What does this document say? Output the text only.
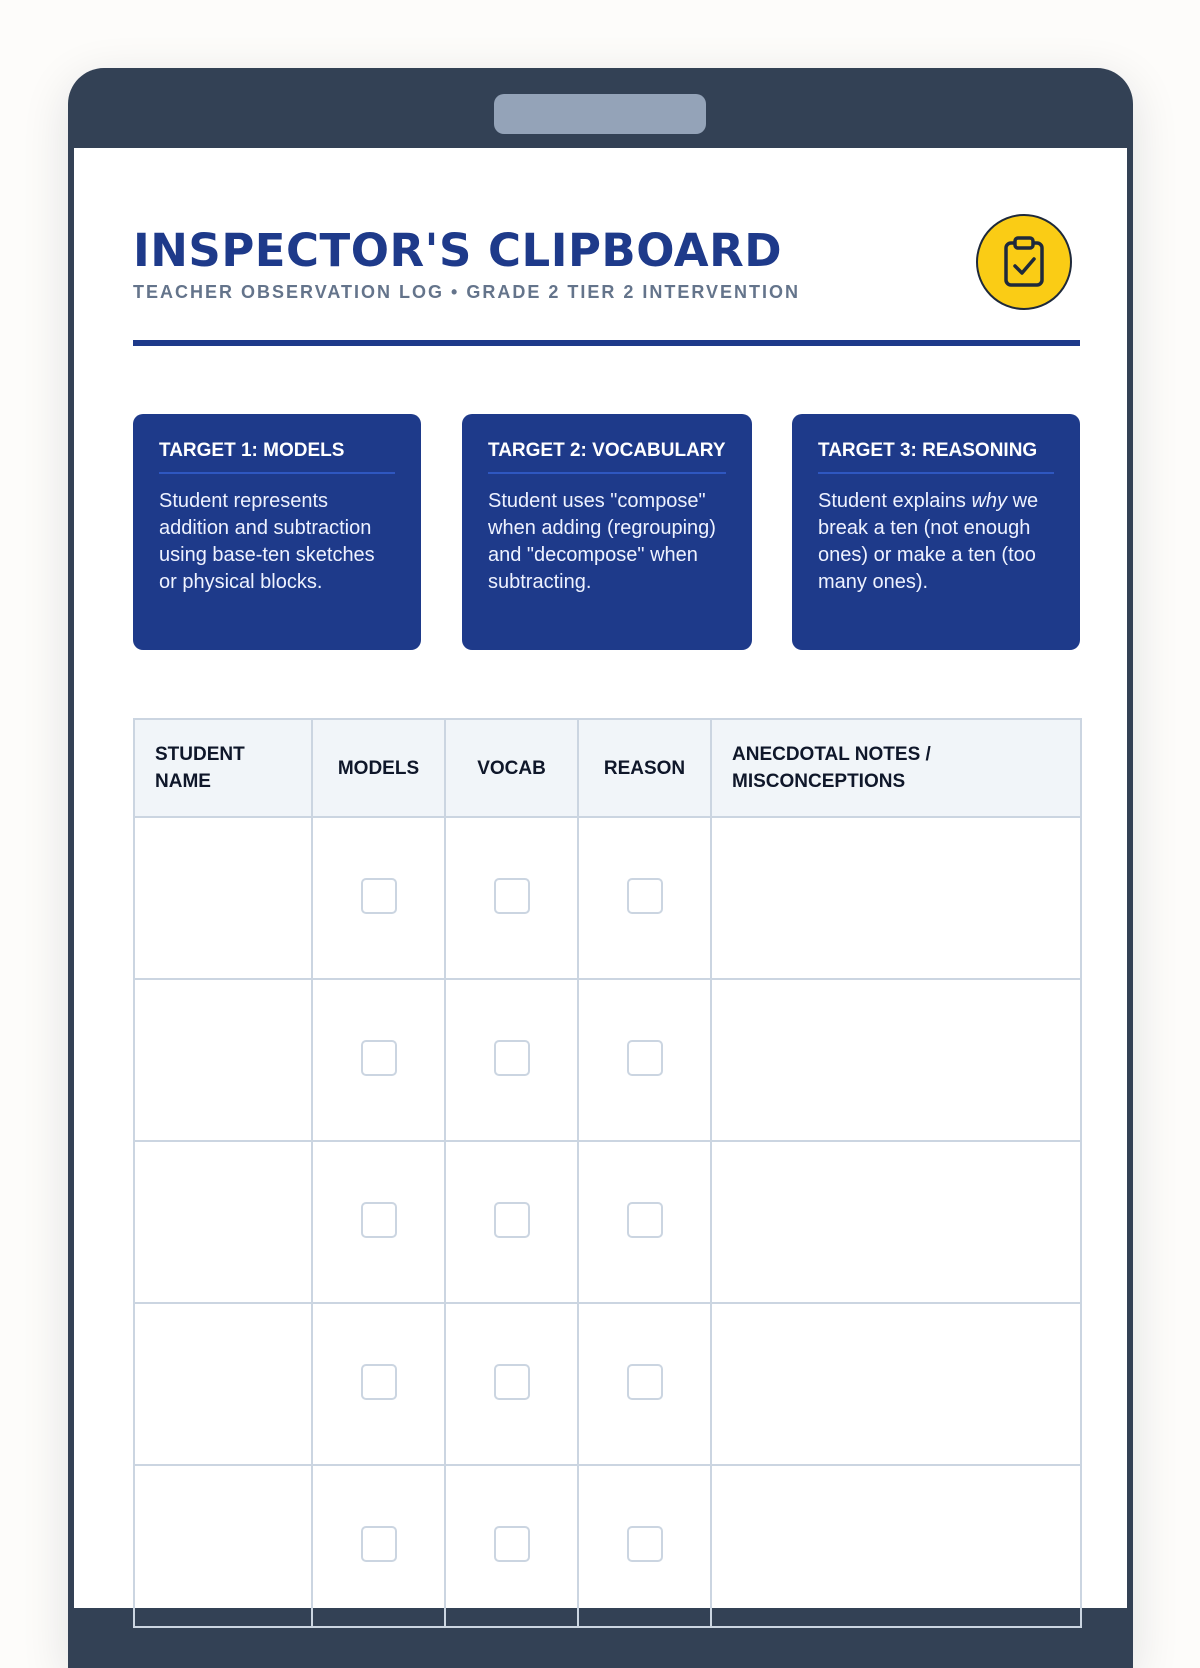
INSPECTOR'S CLIPBOARD
TEACHER OBSERVATION LOG • GRADE 2 TIER 2 INTERVENTION
TARGET 1: MODELS

Student represents addition and subtraction using base-ten sketches or physical blocks.

TARGET 2: VOCABULARY

Student uses "compose" when adding (regrouping) and "decompose" when subtracting.

TARGET 3: REASONING

Student explains why we break a ten (not enough ones) or make a ten (too many ones).

STUDENT NAME	MODELS	VOCAB	REASON	ANECDOTAL NOTES / MISCONCEPTIONS
